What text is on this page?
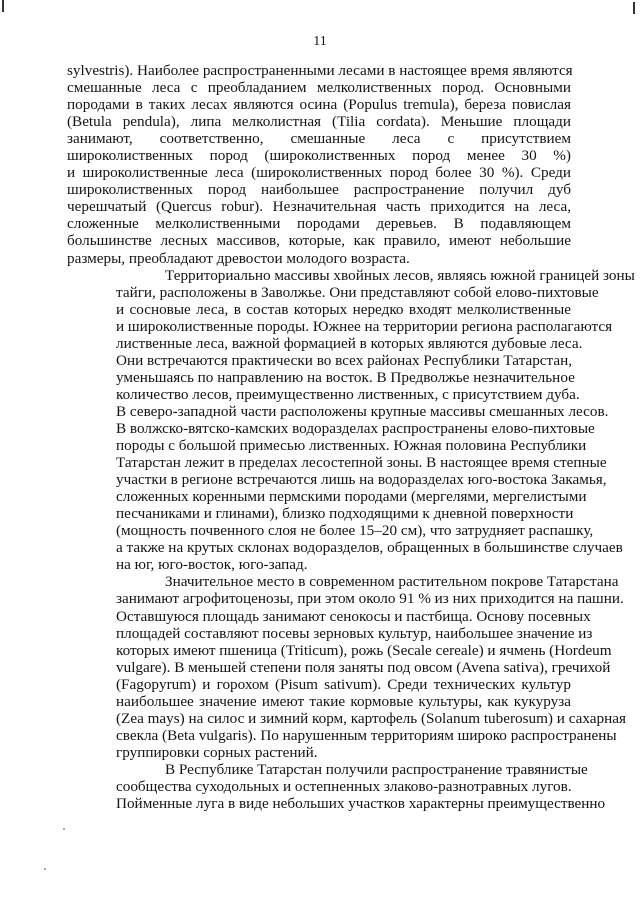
11
sylvestris). Наиболее распространенными лесами в настоящее время являются
смешанные леса с преобладанием мелколиственных пород. Основными
породами в таких лесах являются осина (Populus tremula), береза повислая
(Betula pendula), липа мелколистная (Tilia cordata). Меньшие площади
занимают, соответственно, смешанные леса с присутствием
широколиственных пород (широколиственных пород менее 30 %)
и широколиственные леса (широколиственных пород более 30 %). Среди
широколиственных пород наибольшее распространение получил дуб
черешчатый (Quercus robur). Незначительная часть приходится на леса,
сложенные мелколиственными породами деревьев. В подавляющем
большинстве лесных массивов, которые, как правило, имеют небольшие
размеры, преобладают древостои молодого возраста.
Территориально массивы хвойных лесов, являясь южной границей зоны
тайги, расположены в Заволжье. Они представляют собой елово-пихтовые
и сосновые леса, в состав которых нередко входят мелколиственные
и широколиственные породы. Южнее на территории региона располагаются
лиственные леса, важной формацией в которых являются дубовые леса.
Они встречаются практически во всех районах Республики Татарстан,
уменьшаясь по направлению на восток. В Предволжье незначительное
количество лесов, преимущественно лиственных, с присутствием дуба.
В северо-западной части расположены крупные массивы смешанных лесов.
В волжско-вятско-камских водоразделах распространены елово-пихтовые
породы с большой примесью лиственных. Южная половина Республики
Татарстан лежит в пределах лесостепной зоны. В настоящее время степные
участки в регионе встречаются лишь на водоразделах юго-востока Закамья,
сложенных коренными пермскими породами (мергелями, мергелистыми
песчаниками и глинами), близко подходящими к дневной поверхности
(мощность почвенного слоя не более 15–20 см), что затрудняет распашку,
а также на крутых склонах водоразделов, обращенных в большинстве случаев
на юг, юго-восток, юго-запад.
Значительное место в современном растительном покрове Татарстана
занимают агрофитоценозы, при этом около 91 % из них приходится на пашни.
Оставшуюся площадь занимают сенокосы и пастбища. Основу посевных
площадей составляют посевы зерновых культур, наибольшее значение из
которых имеют пшеница (Triticum), рожь (Secale cereale) и ячмень (Hordeum
vulgare). В меньшей степени поля заняты под овсом (Avena sativa), гречихой
(Fagopyrum) и горохом (Pisum sativum). Среди технических культур
наибольшее значение имеют такие кормовые культуры, как кукуруза
(Zea mays) на силос и зимний корм, картофель (Solanum tuberosum) и сахарная
свекла (Beta vulgaris). По нарушенным территориям широко распространены
группировки сорных растений.
В Республике Татарстан получили распространение травянистые
сообщества суходольных и остепненных злаково-разнотравных лугов.
Пойменные луга в виде небольших участков характерны преимущественно
